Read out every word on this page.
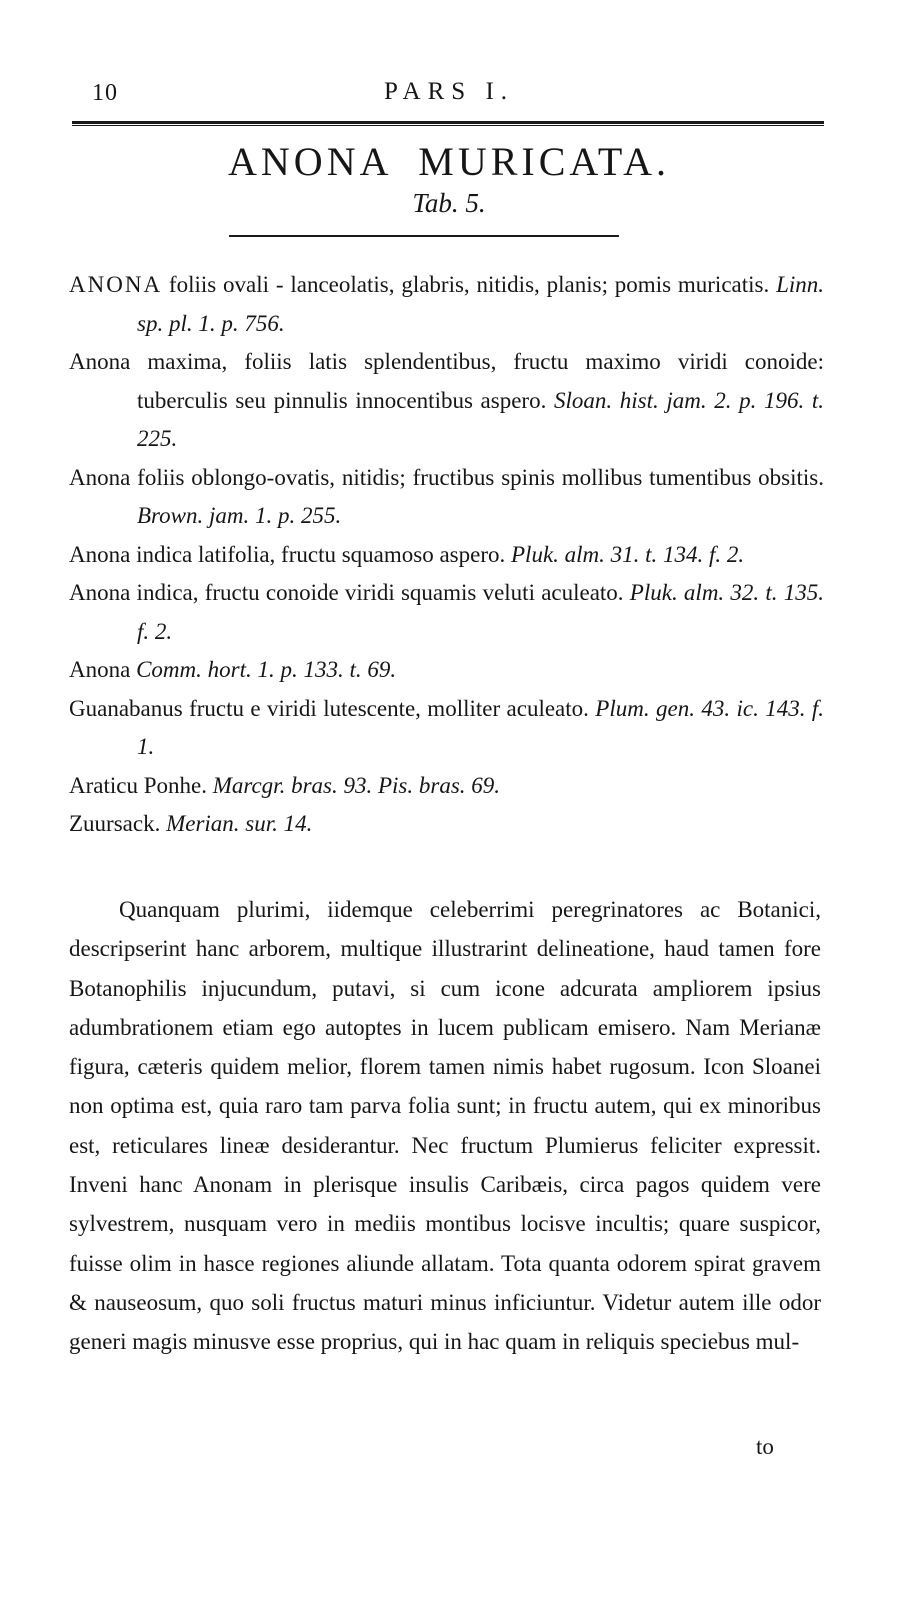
10	PARS I.
ANONA MURICATA.
Tab. 5.
ANONA foliis ovali - lanceolatis, glabris, nitidis, planis; pomis muricatis. Linn. sp. pl. 1. p. 756.
Anona maxima, foliis latis splendentibus, fructu maximo viridi conoide: tuberculis seu pinnulis innocentibus aspero. Sloan. hist. jam. 2. p. 196. t. 225.
Anona foliis oblongo-ovatis, nitidis; fructibus spinis mollibus tumentibus obsitis. Brown. jam. 1. p. 255.
Anona indica latifolia, fructu squamoso aspero. Pluk. alm. 31. t. 134. f. 2.
Anona indica, fructu conoide viridi squamis veluti aculeato. Pluk. alm. 32. t. 135. f. 2.
Anona Comm. hort. 1. p. 133. t. 69.
Guanabanus fructu e viridi lutescente, molliter aculeato. Plum. gen. 43. ic. 143. f. 1.
Araticu Ponhe. Marcgr. bras. 93. Pis. bras. 69.
Zuursack. Merian. sur. 14.

Quanquam plurimi, iidemque celeberrimi peregrinatores ac Botanici, descripserint hanc arborem, multique illustrarint delineatione, haud tamen fore Botanophilis injucundum, putavi, si cum icone adcurata ampliorem ipsius adumbrationem etiam ego autoptes in lucem publicam emisero. Nam Merianæ figura, cæteris quidem melior, florem tamen nimis habet rugosum. Icon Sloanei non optima est, quia raro tam parva folia sunt; in fructu autem, qui ex minoribus est, reticulares lineæ desiderantur. Nec fructum Plumierus feliciter expressit. Inveni hanc Anonam in plerisque insulis Caribæis, circa pagos quidem vere sylvestrem, nusquam vero in mediis montibus locisve incultis; quare suspicor, fuisse olim in hasce regiones aliunde allatam. Tota quanta odorem spirat gravem & nauseosum, quo soli fructus maturi minus inficiuntur. Videtur autem ille odor generi magis minusve esse proprius, qui in hac quam in reliquis speciebus mul-

to
